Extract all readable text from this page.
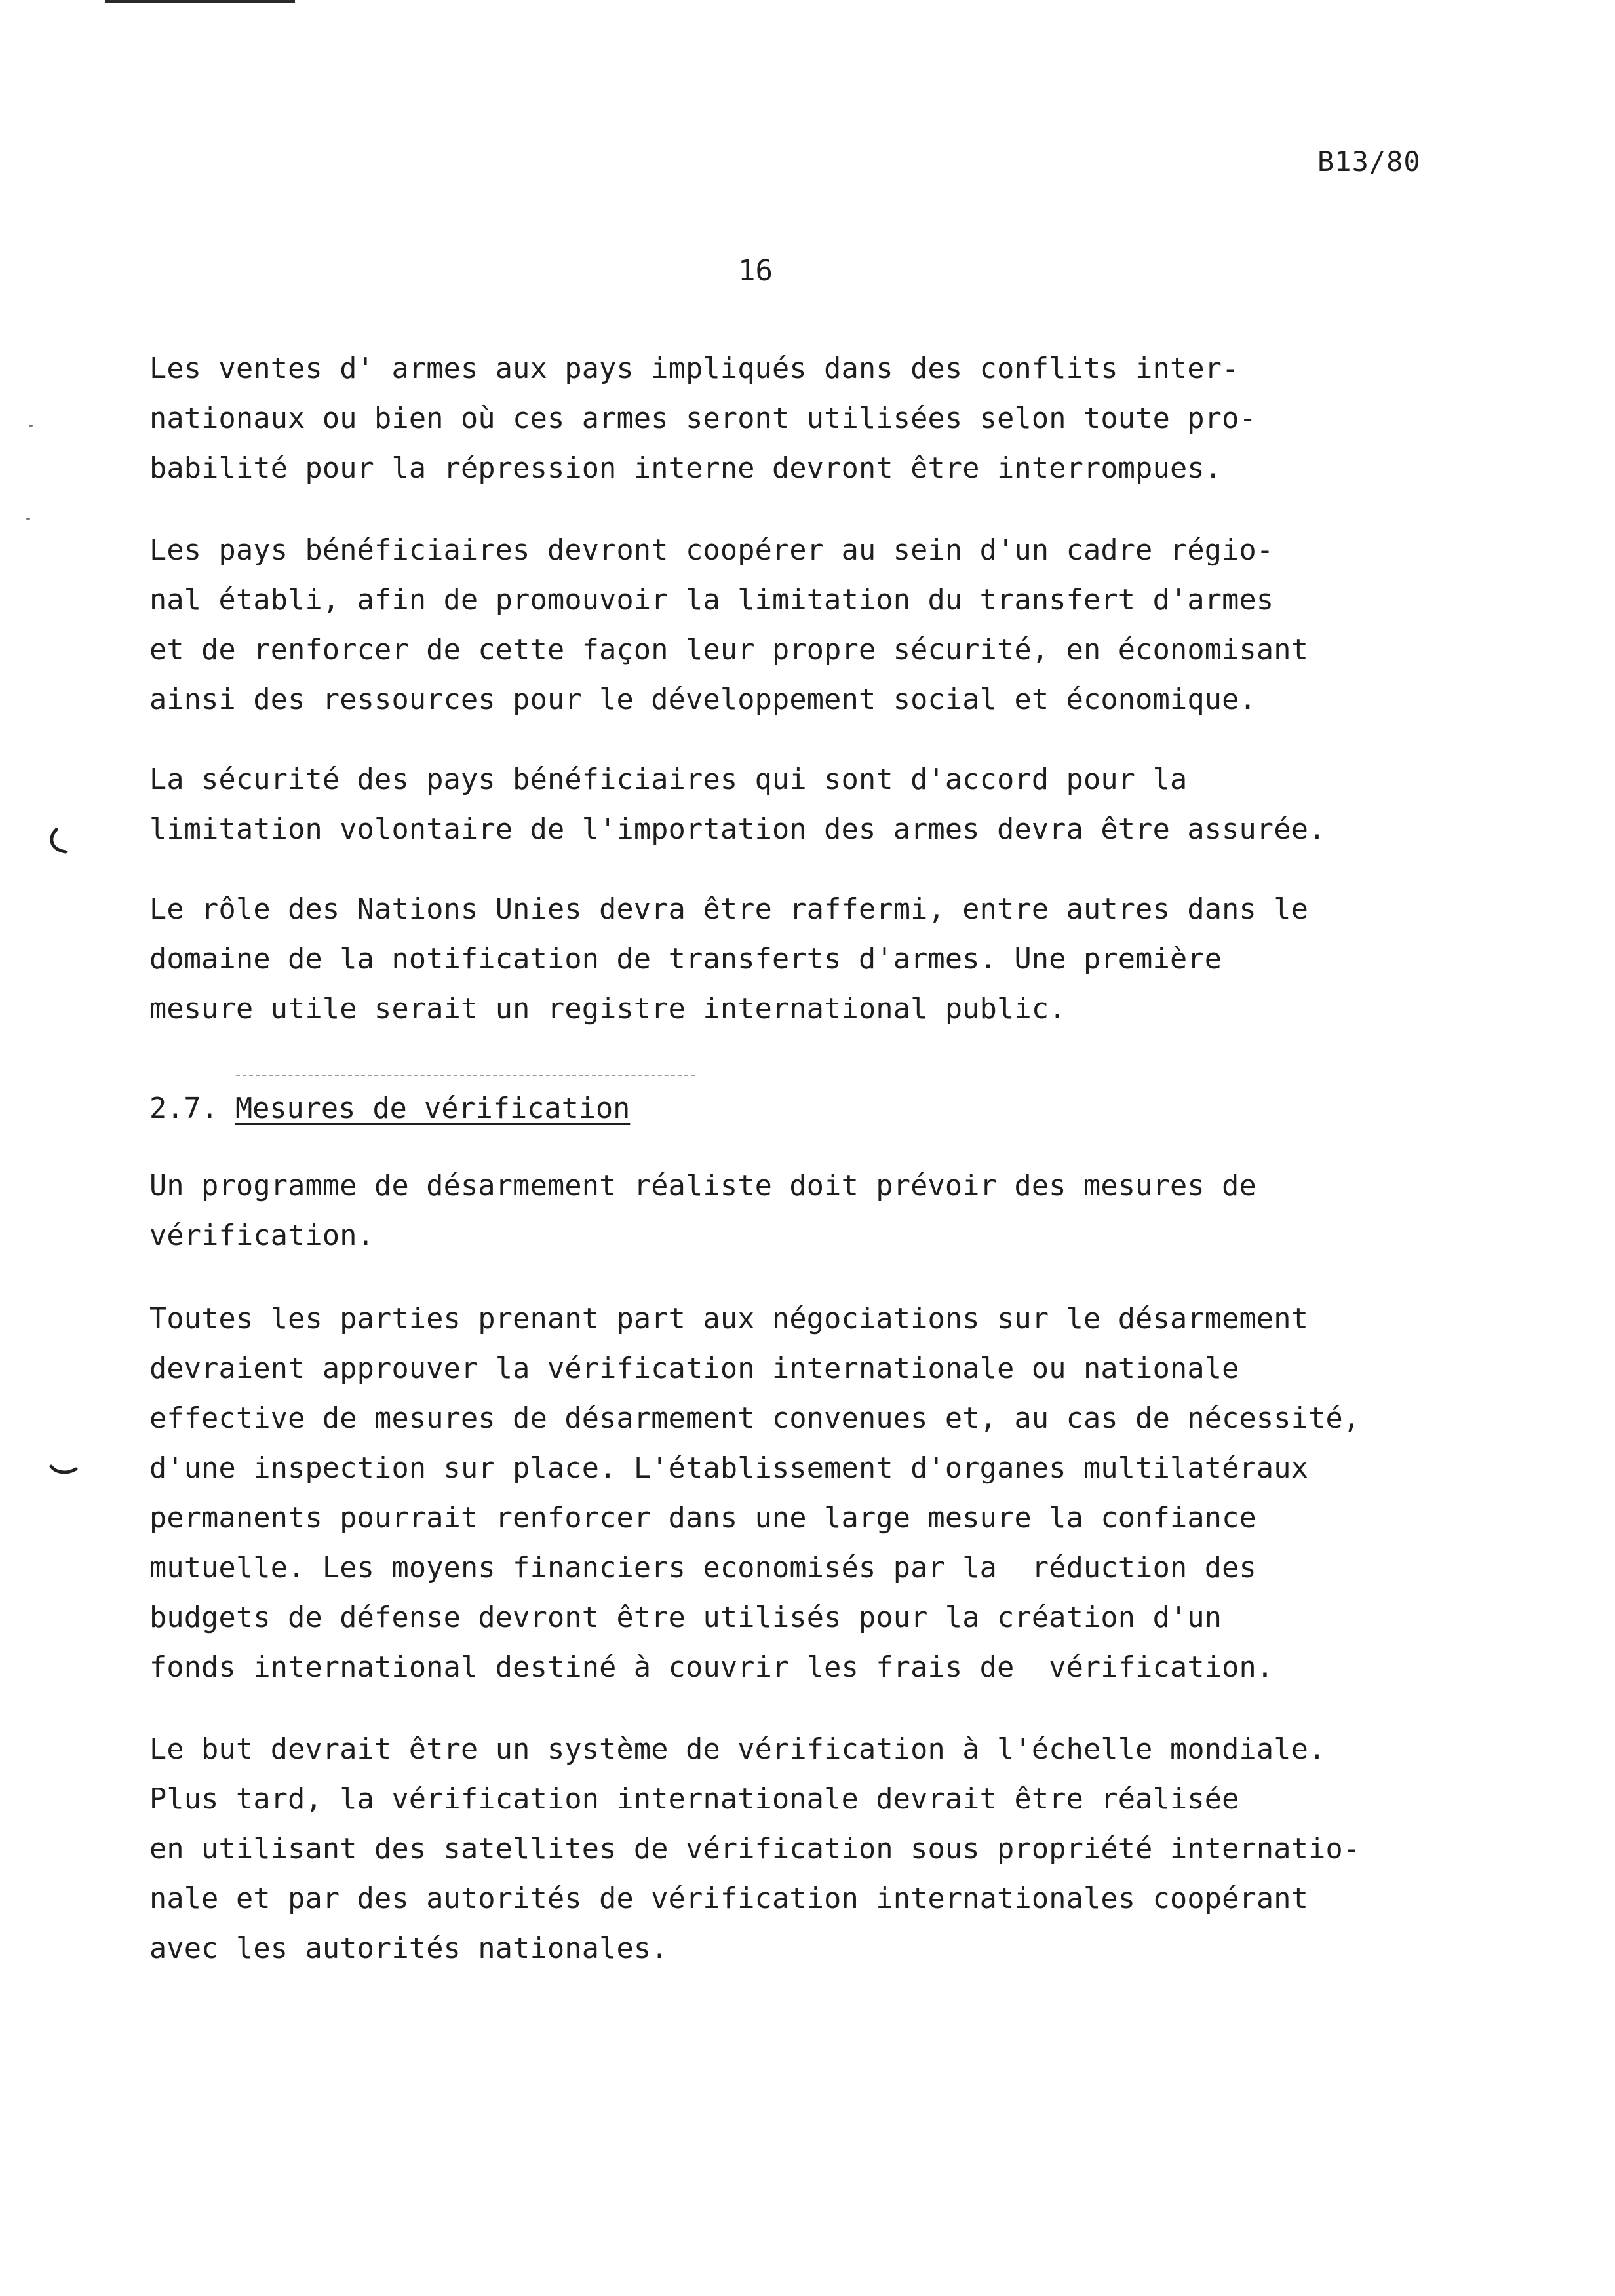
B13/80
16
Les ventes d' armes aux pays impliqués dans des conflits inter-
nationaux ou bien où ces armes seront utilisées selon toute pro-
babilité pour la répression interne devront être interrompues.
Les pays bénéficiaires devront coopérer au sein d'un cadre régio-
nal établi, afin de promouvoir la limitation du transfert d'armes
et de renforcer de cette façon leur propre sécurité, en économisant
ainsi des ressources pour le développement social et économique.
La sécurité des pays bénéficiaires qui sont d'accord pour la
limitation volontaire de l'importation des armes devra être assurée.
Le rôle des Nations Unies devra être raffermi, entre autres dans le
domaine de la notification de transferts d'armes. Une première
mesure utile serait un registre international public.
2.7. Mesures de vérification
Un programme de désarmement réaliste doit prévoir des mesures de
vérification.
Toutes les parties prenant part aux négociations sur le désarmement
devraient approuver la vérification internationale ou nationale
effective de mesures de désarmement convenues et, au cas de nécessité,
d'une inspection sur place. L'établissement d'organes multilatéraux
permanents pourrait renforcer dans une large mesure la confiance
mutuelle. Les moyens financiers economisés par la  réduction des
budgets de défense devront être utilisés pour la création d'un
fonds international destiné à couvrir les frais de  vérification.
Le but devrait être un système de vérification à l'échelle mondiale.
Plus tard, la vérification internationale devrait être réalisée
en utilisant des satellites de vérification sous propriété internatio-
nale et par des autorités de vérification internationales coopérant
avec les autorités nationales.
